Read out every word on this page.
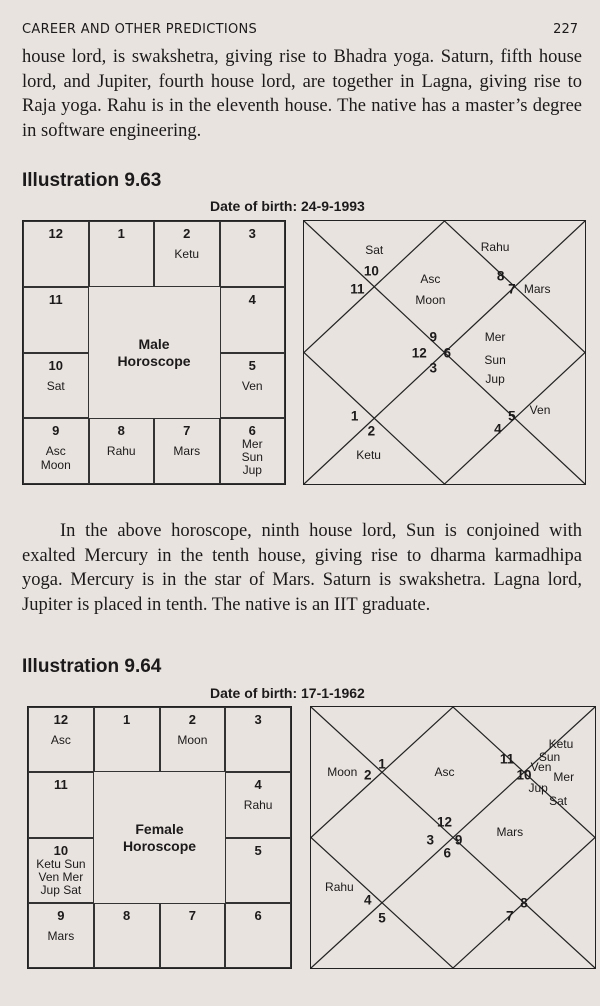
CAREER AND OTHER PREDICTIONS	227

house lord, is swakshetra, giving rise to Bhadra yoga. Saturn, fifth house lord, and Jupiter, fourth house lord, are together in Lagna, giving rise to Raja yoga. Rahu is in the eleventh house. The native has a master’s degree in software engineering.

Illustration 9.63
Date of birth: 24-9-1993
1	2
Ketu
3
4
5
Ven
6
Mer
Sun
Jup
7
Mars
8
Rahu
9
Asc
Moon
10
Sat
11
12
Male
Horoscope
10
11
8
7
9
12 6
3
5
4
1
2
Sat
Asc
Moon
Rahu
Mars
Mer
Sun
Jup
Ven
Ketu

In the above horoscope, ninth house lord, Sun is conjoined with exalted Mercury in the tenth house, giving rise to dharma karmadhipa yoga. Mercury is in the star of Mars. Saturn is swakshetra. Lagna lord, Jupiter is placed in tenth. The native is an IIT graduate.

Illustration 9.64
Date of birth: 17-1-1962
1	2
Moon
3
4
Rahu
5
6
7
8
9
Mars
10
Ketu Sun
Ven Mer
Jup Sat
11
12
Asc
Female
Horoscope
2
1	11
10
12
3 9
6
4
5
8
7
Moon	Asc
Ketu
Sun
Ven
Mer
Jup
Sat
Mars
Rahu
